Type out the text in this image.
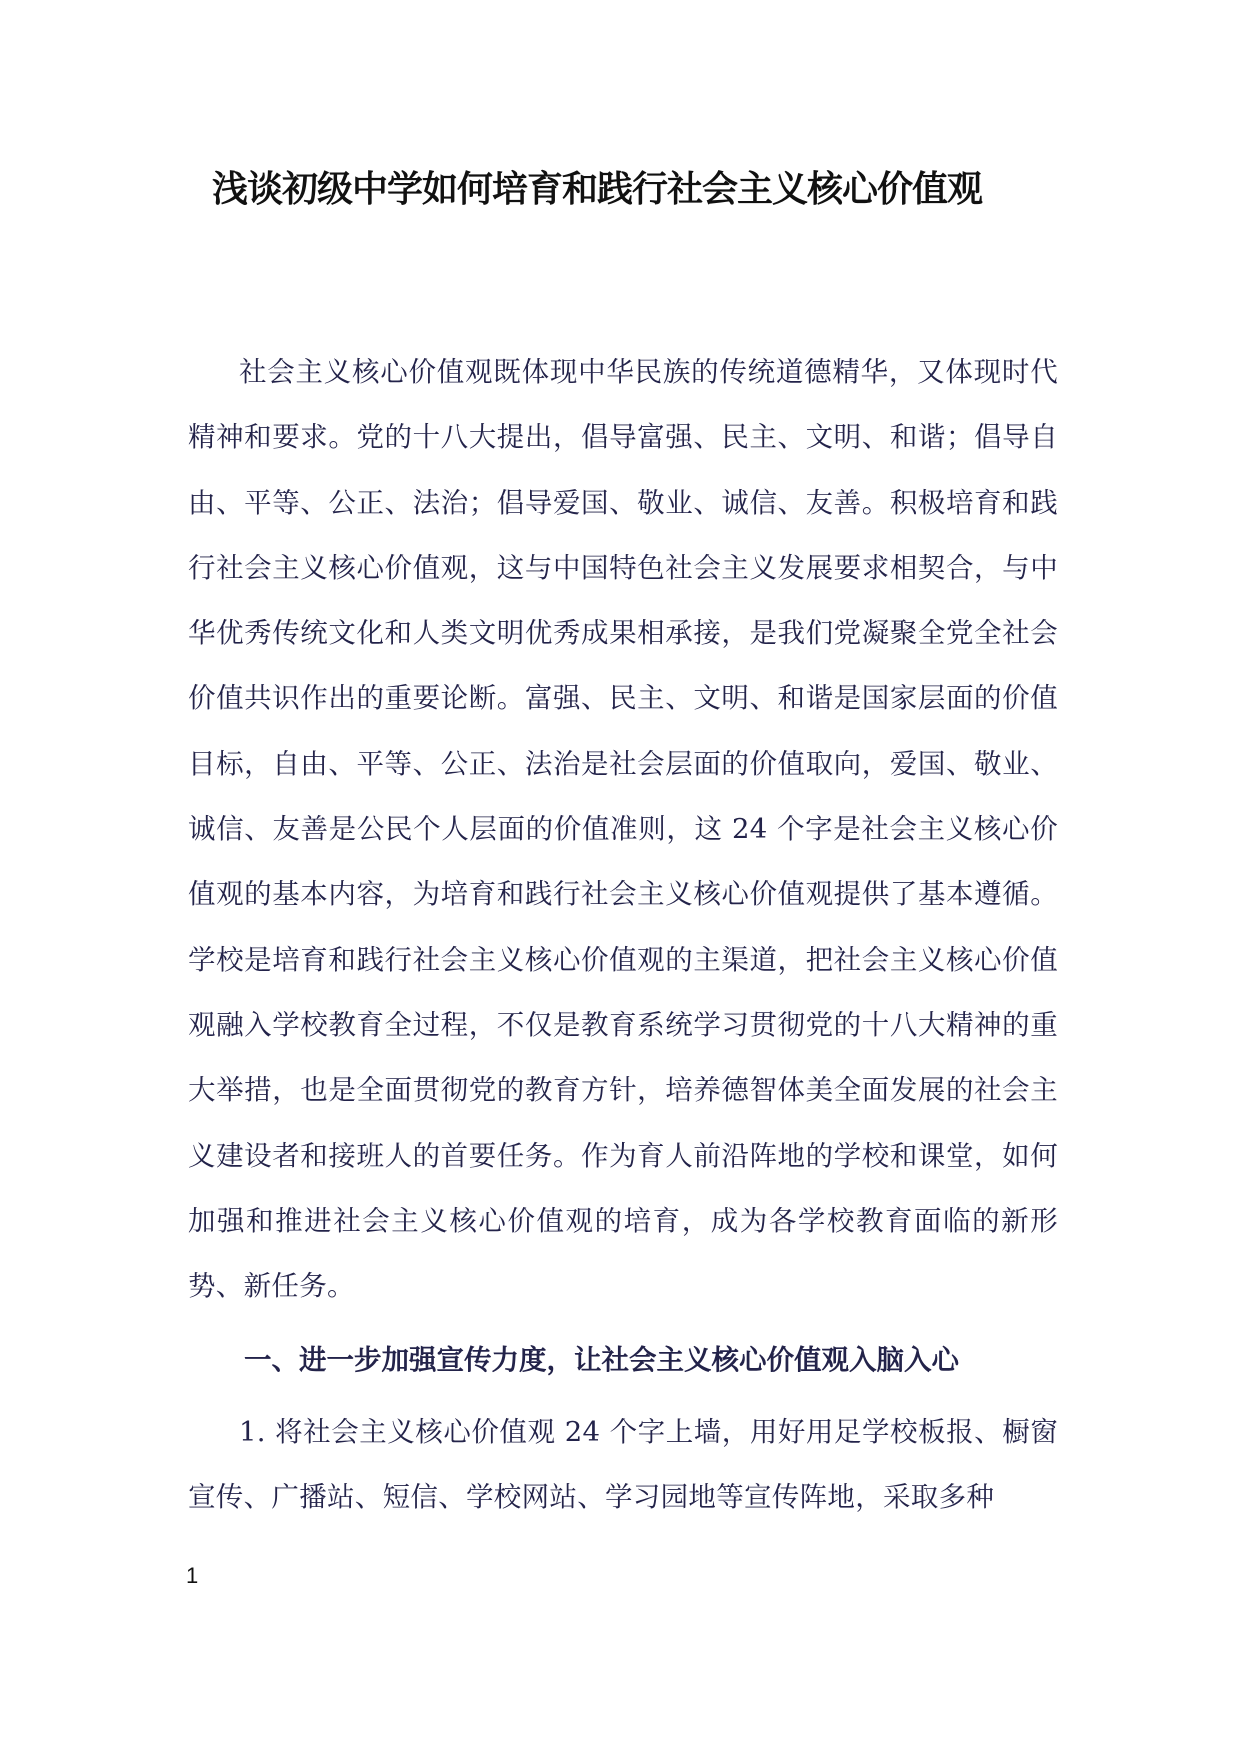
浅谈初级中学如何培育和践行社会主义核心价值观

社会主义核心价值观既体现中华民族的传统道德精华，又体现时代精神和要求。党的十八大提出，倡导富强、民主、文明、和谐；倡导自由、平等、公正、法治；倡导爱国、敬业、诚信、友善。积极培育和践行社会主义核心价值观，这与中国特色社会主义发展要求相契合，与中华优秀传统文化和人类文明优秀成果相承接，是我们党凝聚全党全社会价值共识作出的重要论断。富强、民主、文明、和谐是国家层面的价值目标，自由、平等、公正、法治是社会层面的价值取向，爱国、敬业、诚信、友善是公民个人层面的价值准则，这 24 个字是社会主义核心价值观的基本内容，为培育和践行社会主义核心价值观提供了基本遵循。学校是培育和践行社会主义核心价值观的主渠道，把社会主义核心价值观融入学校教育全过程，不仅是教育系统学习贯彻党的十八大精神的重大举措，也是全面贯彻党的教育方针，培养德智体美全面发展的社会主义建设者和接班人的首要任务。作为育人前沿阵地的学校和课堂，如何加强和推进社会主义核心价值观的培育，成为各学校教育面临的新形势、新任务。

一、进一步加强宣传力度，让社会主义核心价值观入脑入心

1. 将社会主义核心价值观 24 个字上墙，用好用足学校板报、橱窗宣传、广播站、短信、学校网站、学习园地等宣传阵地，采取多种

1
